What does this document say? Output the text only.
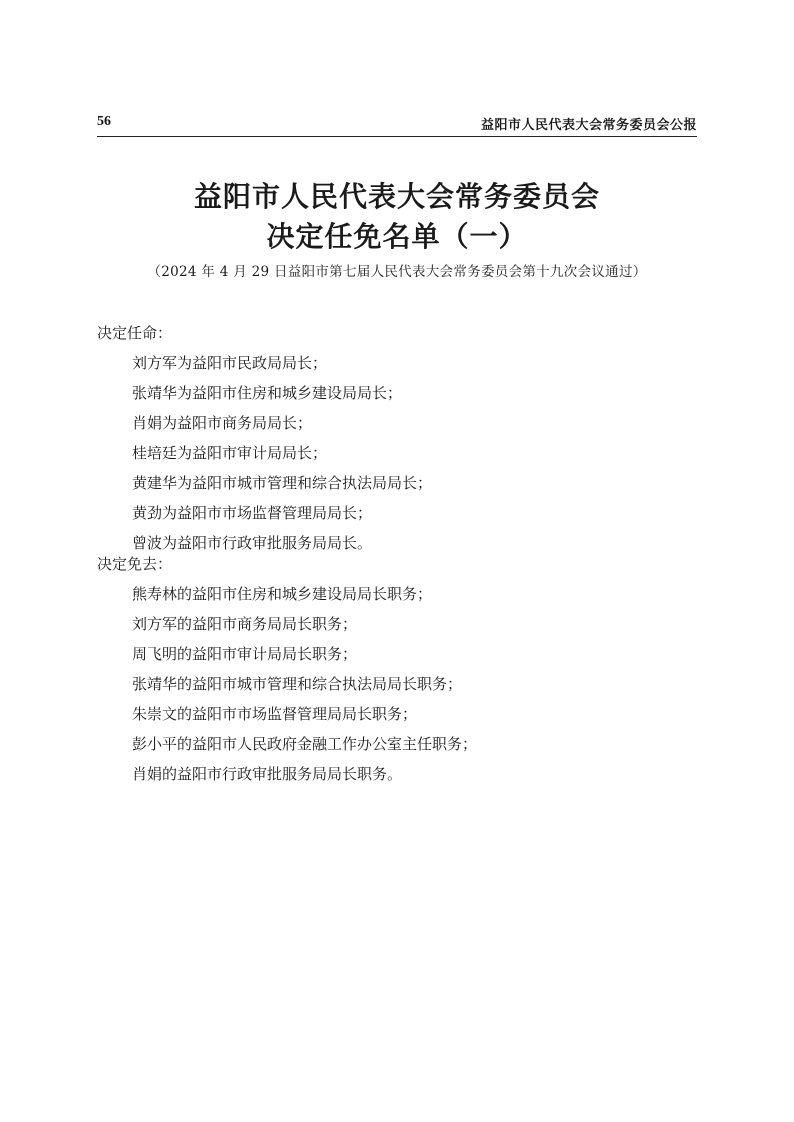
56	益阳市人民代表大会常务委员会公报
益阳市人民代表大会常务委员会
决定任免名单（一）
（2024 年 4 月 29 日益阳市第七届人民代表大会常务委员会第十九次会议通过）
决定任命：
刘方军为益阳市民政局局长；
张靖华为益阳市住房和城乡建设局局长；
肖娟为益阳市商务局局长；
桂培廷为益阳市审计局局长；
黄建华为益阳市城市管理和综合执法局局长；
黄劲为益阳市市场监督管理局局长；
曾波为益阳市行政审批服务局局长。
决定免去：
熊寿林的益阳市住房和城乡建设局局长职务；
刘方军的益阳市商务局局长职务；
周飞明的益阳市审计局局长职务；
张靖华的益阳市城市管理和综合执法局局长职务；
朱崇文的益阳市市场监督管理局局长职务；
彭小平的益阳市人民政府金融工作办公室主任职务；
肖娟的益阳市行政审批服务局局长职务。
